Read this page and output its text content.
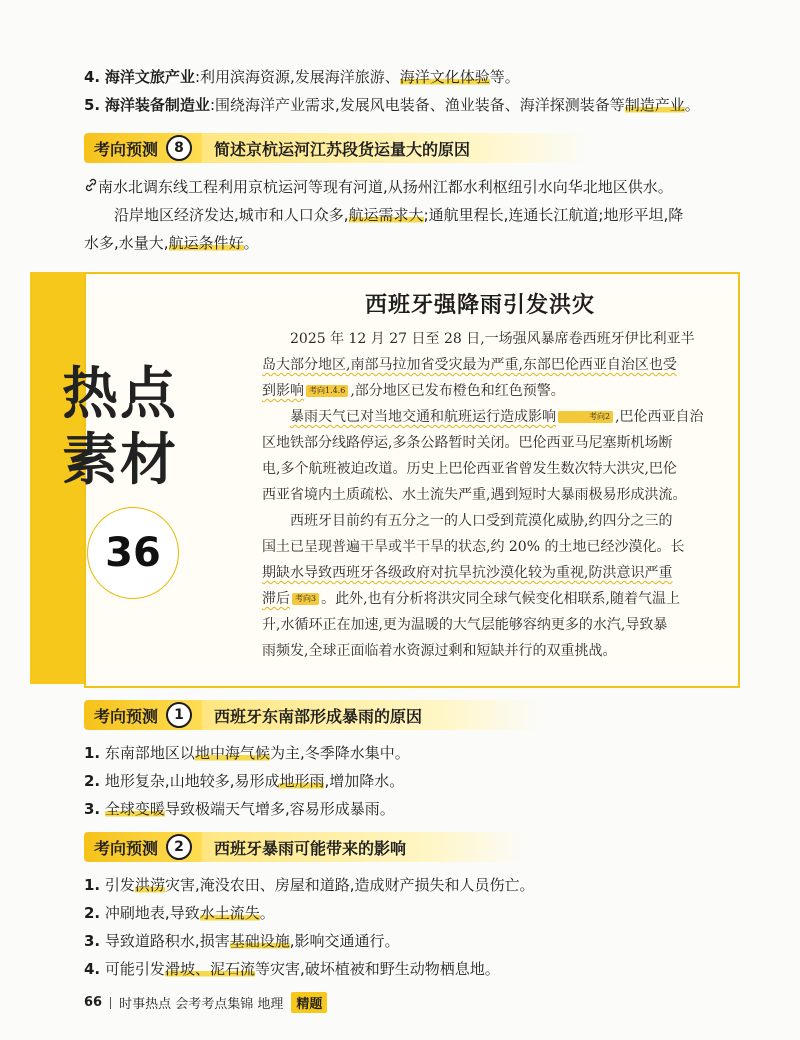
4. 海洋文旅产业:利用滨海资源,发展海洋旅游、海洋文化体验等。
5. 海洋装备制造业:围绕海洋产业需求,发展风电装备、渔业装备、海洋探测装备等制造产业。
考向预测	8	简述京杭运河江苏段货运量大的原因
南水北调东线工程利用京杭运河等现有河道,从扬州江都水利枢纽引水向华北地区供水。
沿岸地区经济发达,城市和人口众多,航运需求大;通航里程长,连通长江航道;地形平坦,降
水多,水量大,航运条件好。
热点
素材
36
西班牙强降雨引发洪灾
2025 年 12 月 27 日至 28 日,一场强风暴席卷西班牙伊比利亚半

岛大部分地区,南部马拉加省受灾最为严重,东部巴伦西亚自治区也受
到影响 考向1.4.6 ,部分地区已发布橙色和红色预警。
暴雨天气已对当地交通和航班运行造成影响	考向2 ,巴伦西亚自治
区地铁部分线路停运,多条公路暂时关闭。巴伦西亚马尼塞斯机场断
电,多个航班被迫改道。历史上巴伦西亚省曾发生数次特大洪灾,巴伦
西亚省境内土质疏松、水土流失严重,遇到短时大暴雨极易形成洪流。
西班牙目前约有五分之一的人口受到荒漠化威胁,约四分之三的
国土已呈现普遍干旱或半干旱的状态,约 20% 的土地已经沙漠化。长
期缺水导致西班牙各级政府对抗旱抗沙漠化较为重视,防洪意识严重
滞后 考向3 。此外,也有分析将洪灾同全球气候变化相联系,随着气温上
升,水循环正在加速,更为温暖的大气层能够容纳更多的水汽,导致暴
雨频发,全球正面临着水资源过剩和短缺并行的双重挑战。
考向预测	1	西班牙东南部形成暴雨的原因
1. 东南部地区以地中海气候为主,冬季降水集中。
2. 地形复杂,山地较多,易形成地形雨,增加降水。
3. 全球变暖导致极端天气增多,容易形成暴雨。
考向预测	2	西班牙暴雨可能带来的影响
1. 引发洪涝灾害,淹没农田、房屋和道路,造成财产损失和人员伤亡。
2. 冲刷地表,导致水土流失。
3. 导致道路积水,损害基础设施,影响交通通行。
4. 可能引发滑坡、泥石流等灾害,破坏植被和野生动物栖息地。
66 时事热点 会考考点集锦 地理	精题
